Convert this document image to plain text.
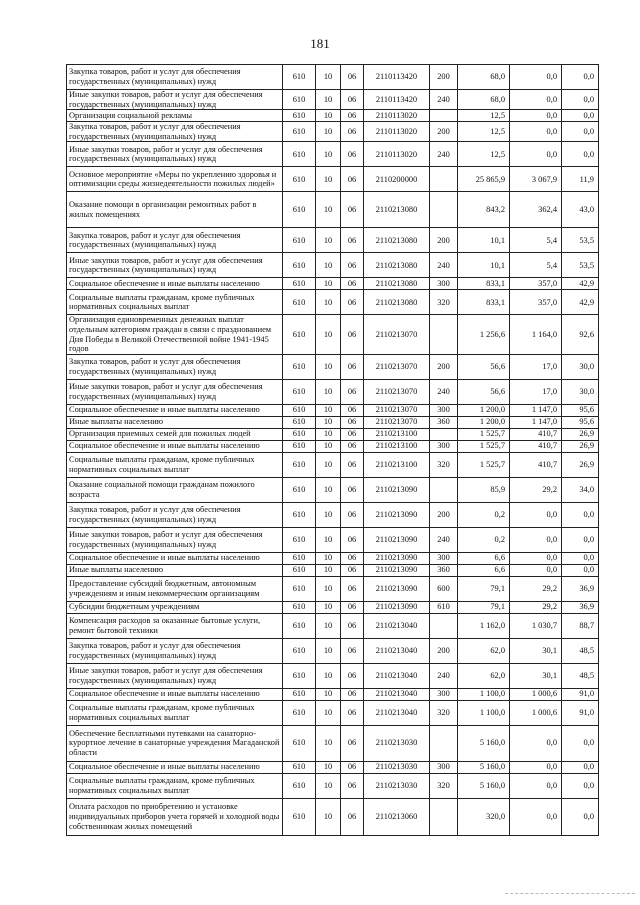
181
Закупка товаров, работ и услуг для обеспечения государственных (муниципальных) нужд	610	10	06	2110113420	200	68,0	0,0	0,0
Иные закупки товаров, работ и услуг для обеспечения государственных (муниципальных) нужд	610	10	06	2110113420	240	68,0	0,0	0,0
Организация социальной рекламы	610	10	06	2110113020		12,5	0,0	0,0
Закупка товаров, работ и услуг для обеспечения государственных (муниципальных) нужд	610	10	06	2110113020	200	12,5	0,0	0,0
Иные закупки товаров, работ и услуг для обеспечения государственных (муниципальных) нужд	610	10	06	2110113020	240	12,5	0,0	0,0
Основное мероприятие «Меры по укреплению здоровья и оптимизации среды жизнедеятельности пожилых людей»	610	10	06	2110200000		25 865,9	3 067,9	11,9
Оказание помощи в организации ремонтных работ в жилых помещениях	610	10	06	2110213080		843,2	362,4	43,0
Закупка товаров, работ и услуг для обеспечения государственных (муниципальных) нужд	610	10	06	2110213080	200	10,1	5,4	53,5
Иные закупки товаров, работ и услуг для обеспечения государственных (муниципальных) нужд	610	10	06	2110213080	240	10,1	5,4	53,5
Социальное обеспечение и иные выплаты населению	610	10	06	2110213080	300	833,1	357,0	42,9
Социальные выплаты гражданам, кроме публичных нормативных социальных выплат	610	10	06	2110213080	320	833,1	357,0	42,9
Организация единовременных денежных выплат отдельным категориям граждан в связи с празднованием Дня Победы в Великой Отечественной войне 1941-1945 годов	610	10	06	2110213070		1 256,6	1 164,0	92,6
Закупка товаров, работ и услуг для обеспечения государственных (муниципальных) нужд	610	10	06	2110213070	200	56,6	17,0	30,0
Иные закупки товаров, работ и услуг для обеспечения государственных (муниципальных) нужд	610	10	06	2110213070	240	56,6	17,0	30,0
Социальное обеспечение и иные выплаты населению	610	10	06	2110213070	300	1 200,0	1 147,0	95,6
Иные выплаты населению	610	10	06	2110213070	360	1 200,0	1 147,0	95,6
Организация приемных семей для пожилых людей	610	10	06	2110213100		1 525,7	410,7	26,9
Социальное обеспечение и иные выплаты населению	610	10	06	2110213100	300	1 525,7	410,7	26,9
Социальные выплаты гражданам, кроме публичных нормативных социальных выплат	610	10	06	2110213100	320	1 525,7	410,7	26,9
Оказание социальной помощи гражданам пожилого возраста	610	10	06	2110213090		85,9	29,2	34,0
Закупка товаров, работ и услуг для обеспечения государственных (муниципальных) нужд	610	10	06	2110213090	200	0,2	0,0	0,0
Иные закупки товаров, работ и услуг для обеспечения государственных (муниципальных) нужд	610	10	06	2110213090	240	0,2	0,0	0,0
Социальное обеспечение и иные выплаты населению	610	10	06	2110213090	300	6,6	0,0	0,0
Иные выплаты населению	610	10	06	2110213090	360	6,6	0,0	0,0
Предоставление субсидий бюджетным, автономным учреждениям и иным некоммерческим организациям	610	10	06	2110213090	600	79,1	29,2	36,9
Субсидии бюджетным учреждениям	610	10	06	2110213090	610	79,1	29,2	36,9
Компенсация расходов за оказанные бытовые услуги, ремонт бытовой техники	610	10	06	2110213040		1 162,0	1 030,7	88,7
Закупка товаров, работ и услуг для обеспечения государственных (муниципальных) нужд	610	10	06	2110213040	200	62,0	30,1	48,5
Иные закупки товаров, работ и услуг для обеспечения государственных (муниципальных) нужд	610	10	06	2110213040	240	62,0	30,1	48,5
Социальное обеспечение и иные выплаты населению	610	10	06	2110213040	300	1 100,0	1 000,6	91,0
Социальные выплаты гражданам, кроме публичных нормативных социальных выплат	610	10	06	2110213040	320	1 100,0	1 000,6	91,0
Обеспечение бесплатными путевками на санаторно-курортное лечение в санаторные учреждения Магаданской области	610	10	06	2110213030		5 160,0	0,0	0,0
Социальное обеспечение и иные выплаты населению	610	10	06	2110213030	300	5 160,0	0,0	0,0
Социальные выплаты гражданам, кроме публичных нормативных социальных выплат	610	10	06	2110213030	320	5 160,0	0,0	0,0
Оплата расходов по приобретению и установке индивидуальных приборов учета горячей и холодной воды собственникам жилых помещений	610	10	06	2110213060		320,0	0,0	0,0
